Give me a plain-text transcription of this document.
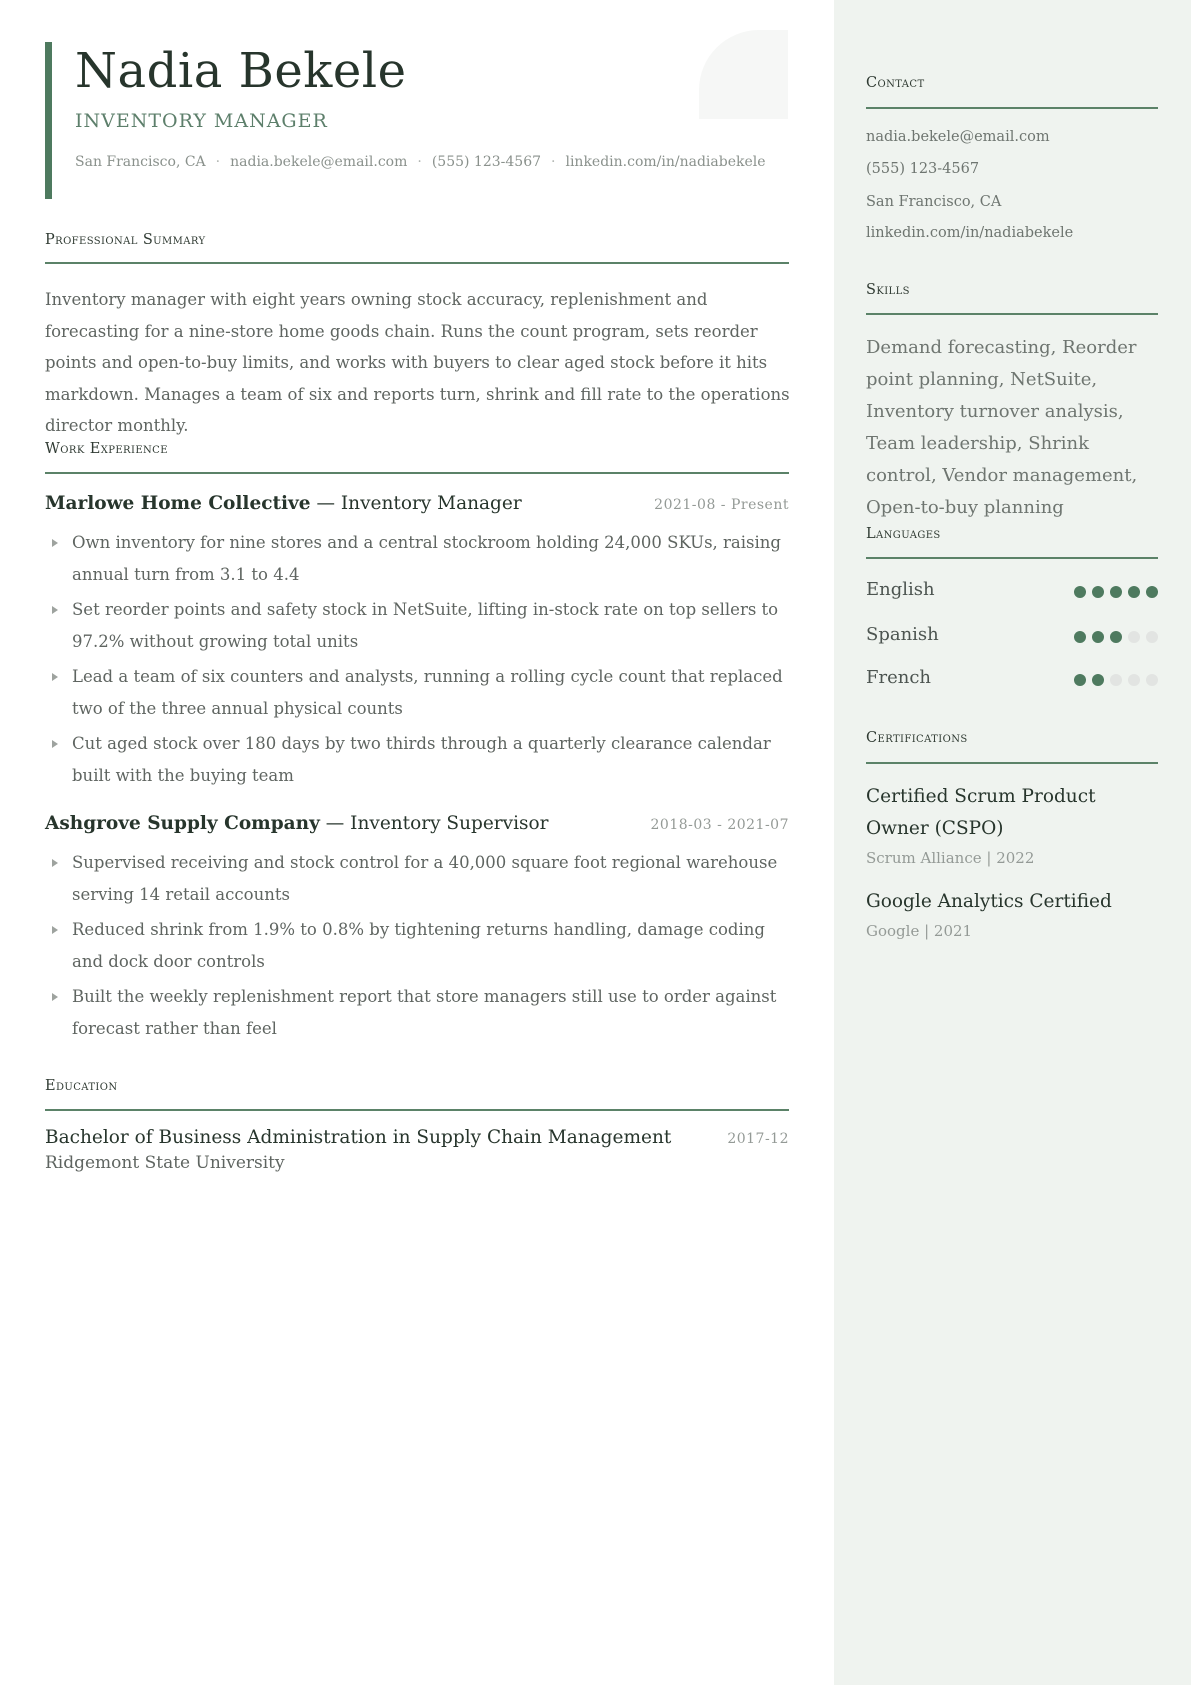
Nadia Bekele
INVENTORY MANAGER
San Francisco, CA · nadia.bekele@email.com · (555) 123-4567 · linkedin.com/in/nadiabekele
Professional Summary
Inventory manager with eight years owning stock accuracy, replenishment and forecasting for a nine-store home goods chain. Runs the count program, sets reorder points and open-to-buy limits, and works with buyers to clear aged stock before it hits markdown. Manages a team of six and reports turn, shrink and fill rate to the operations director monthly.
Work Experience
Marlowe Home Collective — Inventory Manager	2021-08 - Present
Own inventory for nine stores and a central stockroom holding 24,000 SKUs, raising annual turn from 3.1 to 4.4
Set reorder points and safety stock in NetSuite, lifting in-stock rate on top sellers to 97.2% without growing total units
Lead a team of six counters and analysts, running a rolling cycle count that replaced two of the three annual physical counts
Cut aged stock over 180 days by two thirds through a quarterly clearance calendar built with the buying team
Ashgrove Supply Company — Inventory Supervisor	2018-03 - 2021-07
Supervised receiving and stock control for a 40,000 square foot regional warehouse serving 14 retail accounts
Reduced shrink from 1.9% to 0.8% by tightening returns handling, damage coding and dock door controls
Built the weekly replenishment report that store managers still use to order against forecast rather than feel
Education
Bachelor of Business Administration in Supply Chain Management	2017-12
Ridgemont State University
Contact
nadia.bekele@email.com
(555) 123-4567
San Francisco, CA
linkedin.com/in/nadiabekele
Skills
Demand forecasting, Reorder point planning, NetSuite, Inventory turnover analysis, Team leadership, Shrink control, Vendor management, Open-to-buy planning
Languages
English
Spanish
French
Certifications
Certified Scrum Product Owner (CSPO)
Scrum Alliance | 2022
Google Analytics Certified
Google | 2021
